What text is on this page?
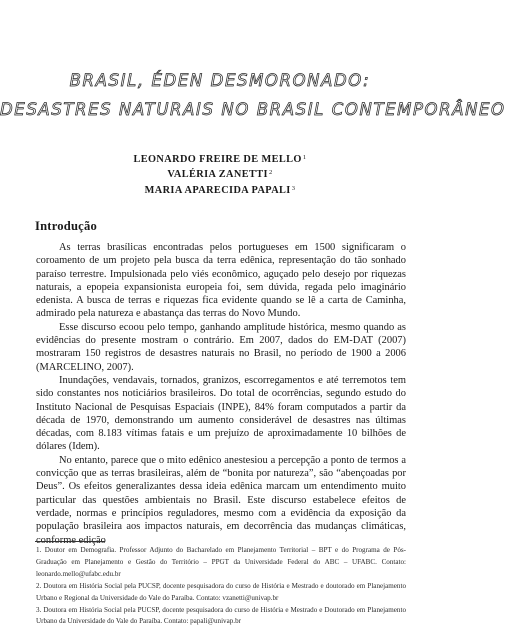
BRASIL, ÉDEN DESMORONADO:
DESASTRES NATURAIS NO BRASIL CONTEMPORÂNEO
LEONARDO FREIRE DE MELLO$^1$
VALÉRIA ZANETTI$^2$
MARIA APARECIDA PAPALI$^3$
Introdução

As terras brasílicas encontradas pelos portugueses em 1500 significaram o coroamento de um projeto pela busca da terra edênica, representação do tão sonhado paraíso terrestre. Impulsionada pelo viés econômico, aguçado pelo desejo por riquezas naturais, a epopeia expansionista europeia foi, sem dúvida, regada pelo imaginário edenista. A busca de terras e riquezas fica evidente quando se lê a carta de Caminha, admirado pela natureza e abastança das terras do Novo Mundo.

Esse discurso ecoou pelo tempo, ganhando amplitude histórica, mesmo quando as evidências do presente mostram o contrário. Em 2007, dados do EM-DAT (2007) mostraram 150 registros de desastres naturais no Brasil, no período de 1900 a 2006 (MARCELINO, 2007).

Inundações, vendavais, tornados, granizos, escorregamentos e até terremotos tem sido constantes nos noticiários brasileiros. Do total de ocorrências, segundo estudo do Instituto Nacional de Pesquisas Espaciais (INPE), 84% foram computados a partir da década de 1970, demonstrando um aumento considerável de desastres nas últimas décadas, com 8.183 vítimas fatais e um prejuízo de aproximadamente 10 bilhões de dólares (Idem).

No entanto, parece que o mito edênico anestesiou a percepção a ponto de termos a convicção que as terras brasileiras, além de “bonita por natureza”, são “abençoadas por Deus”. Os efeitos generalizantes dessa ideia edênica marcam um entendimento muito particular das questões ambientais no Brasil. Este discurso estabelece efeitos de verdade, normas e princípios reguladores, mesmo com a evidência da exposição da população brasileira aos impactos naturais, em decorrência das mudanças climáticas, conforme edição

1. Doutor em Demografia. Professor Adjunto do Bacharelado em Planejamento Territorial – BPT e do Programa de Pós-Graduação em Planejamento e Gestão do Território – PPGT da Universidade Federal do ABC – UFABC. Contato: leonardo.mello@ufabc.edu.br

2. Doutora em História Social pela PUCSP, docente pesquisadora do curso de História e Mestrado e doutorado em Planejamento Urbano e Regional da Universidade do Vale do Paraíba. Contato: vzanetti@univap.br

3. Doutora em História Social pela PUCSP, docente pesquisadora do curso de História e Mestrado e Doutorado em Planejamento Urbano da Universidade do Vale do Paraíba. Contato: papali@univap.br
